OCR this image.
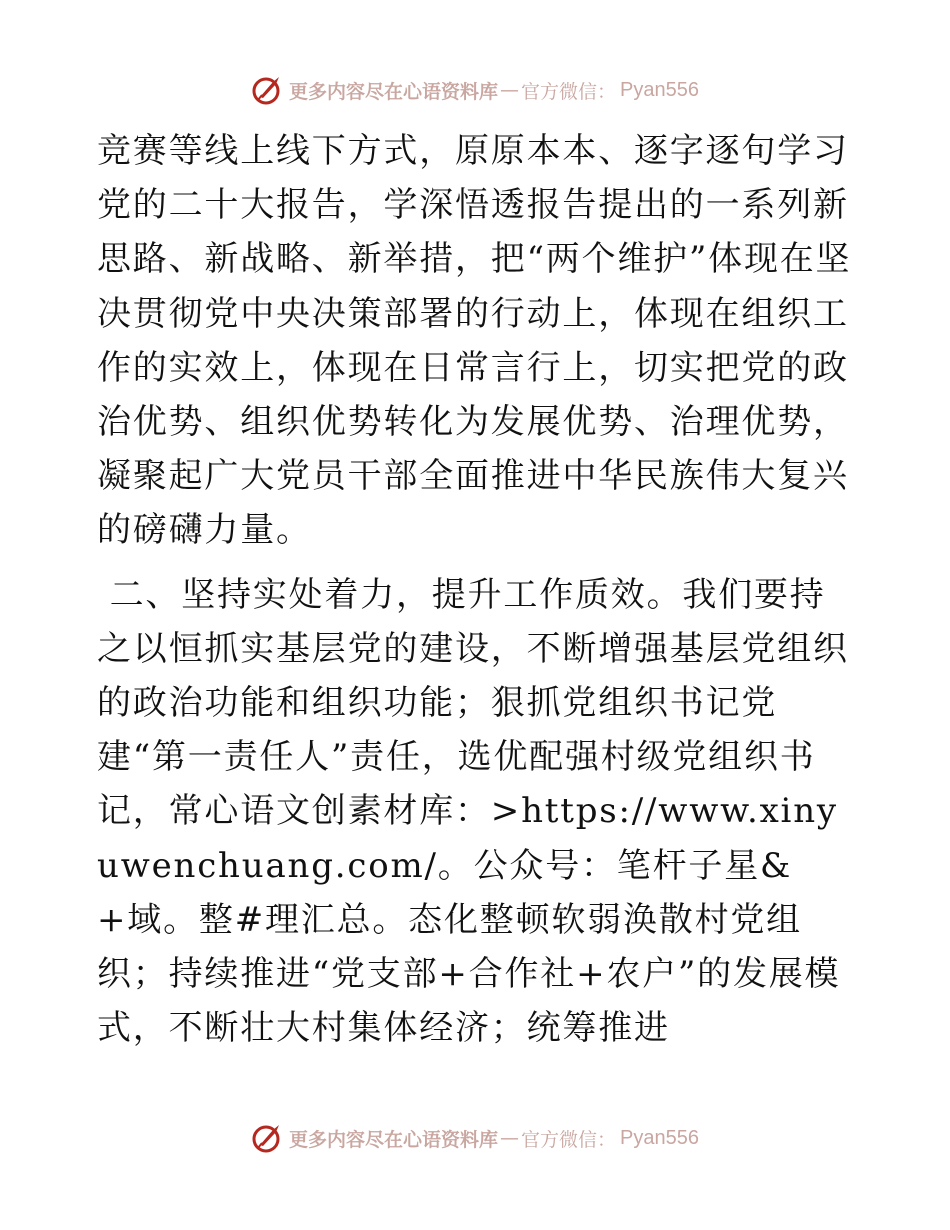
更多内容尽在心语资料库 — 官方微信： Pyan556

竞赛等线上线下方式，原原本本、逐字逐句学习党的二十大报告，学深悟透报告提出的一系列新思路、新战略、新举措，把“两个维护”体现在坚决贯彻党中央决策部署的行动上，体现在组织工作的实效上，体现在日常言行上，切实把党的政治优势、组织优势转化为发展优势、治理优势，凝聚起广大党员干部全面推进中华民族伟大复兴的磅礴力量。

二、坚持实处着力，提升工作质效。我们要持之以恒抓实基层党的建设，不断增强基层党组织的政治功能和组织功能；狠抓党组织书记党建“第一责任人”责任，选优配强村级党组织书记，常心语文创素材库：>https://www.xinyuwenchuang.com/。公众号：笔杆子星&+域。整#理汇总。态化整顿软弱涣散村党组织；持续推进“党支部+合作社+农户”的发展模式，不断壮大村集体经济；统筹推进

更多内容尽在心语资料库 — 官方微信： Pyan556
